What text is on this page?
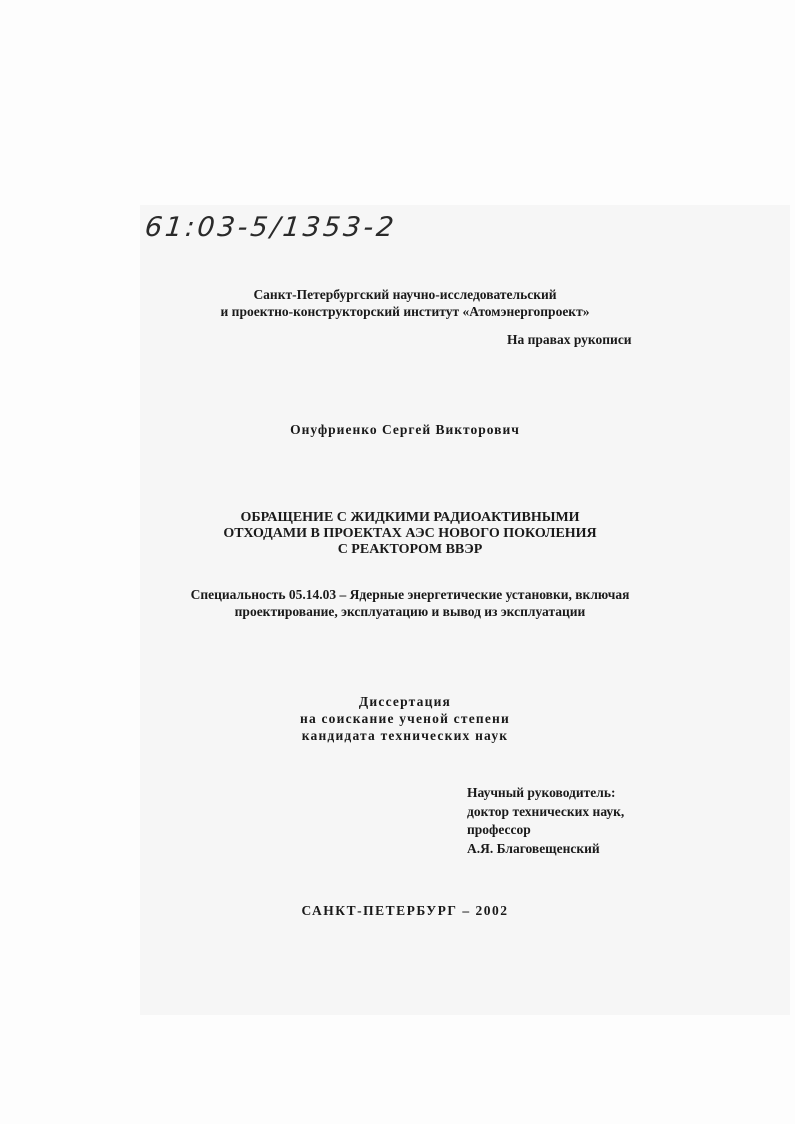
61:03-5/1353-2
Санкт-Петербургский научно-исследовательский
и проектно-конструкторский институт «Атомэнергопроект»
На правах рукописи
Онуфриенко Сергей Викторович
ОБРАЩЕНИЕ С ЖИДКИМИ РАДИОАКТИВНЫМИ
ОТХОДАМИ В ПРОЕКТАХ АЭС НОВОГО ПОКОЛЕНИЯ
С РЕАКТОРОМ ВВЭР
Специальность 05.14.03 – Ядерные энергетические установки, включая
проектирование, эксплуатацию и вывод из эксплуатации
Диссертация
на соискание ученой степени
кандидата технических наук
Научный руководитель:
доктор технических наук,
профессор
А.Я. Благовещенский
САНКТ-ПЕТЕРБУРГ – 2002
